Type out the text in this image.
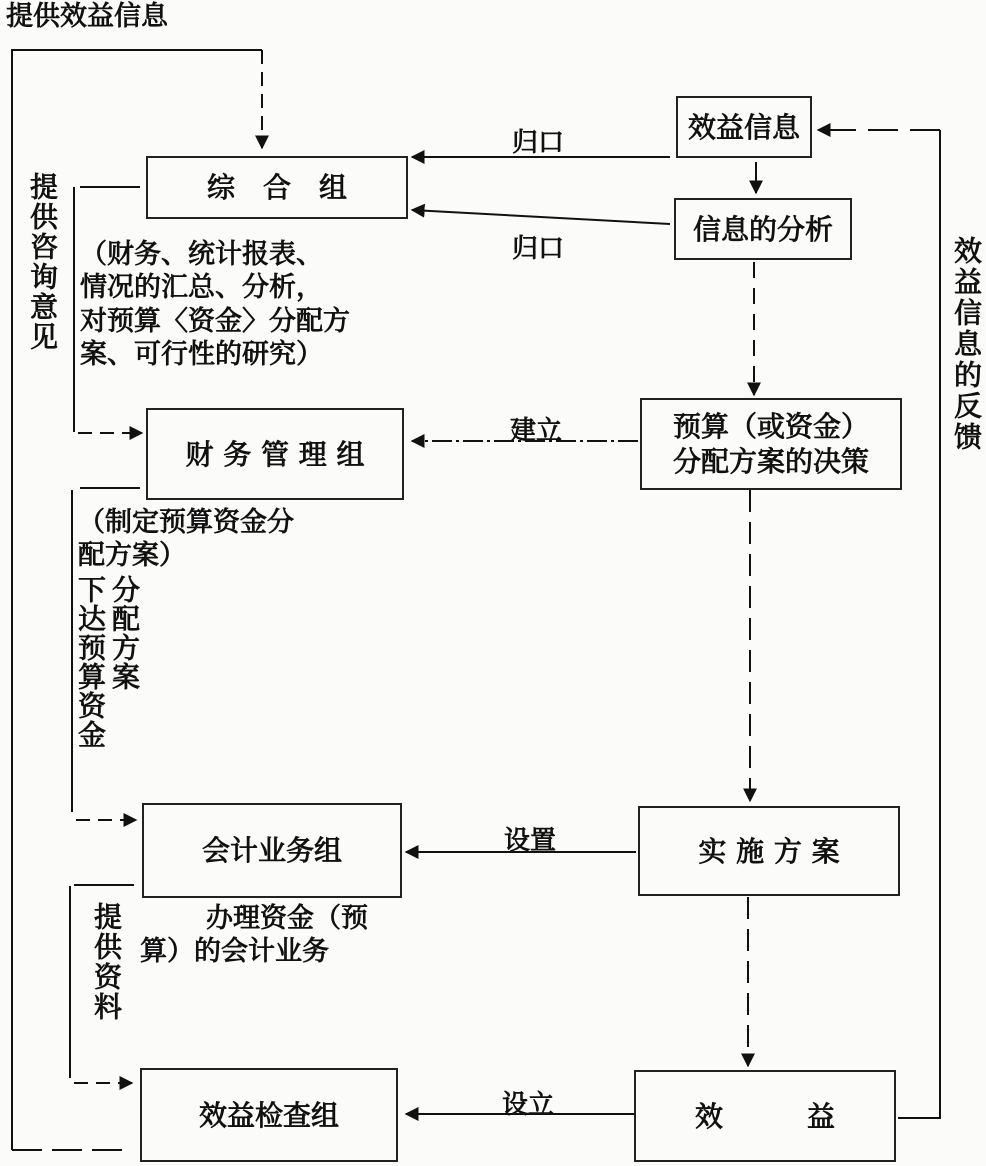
提供效益信息
综　合　组
财 务 管 理 组
会计业务组
效益检查组
效益信息
信息的分析
预算（或资金）
分配方案的决策
实 施 方 案
效　　　益
归口
归口
建立
设置
设立
提供咨询意见
提供资料
效益信息的反馈
（财务、统计报表、
情况的汇总、分析，
对预算〈资金〉分配方
案、可行性的研究）
（制定预算资金分
配方案）
下达预算资金 分配方案
办理资金（预
算）的会计业务
